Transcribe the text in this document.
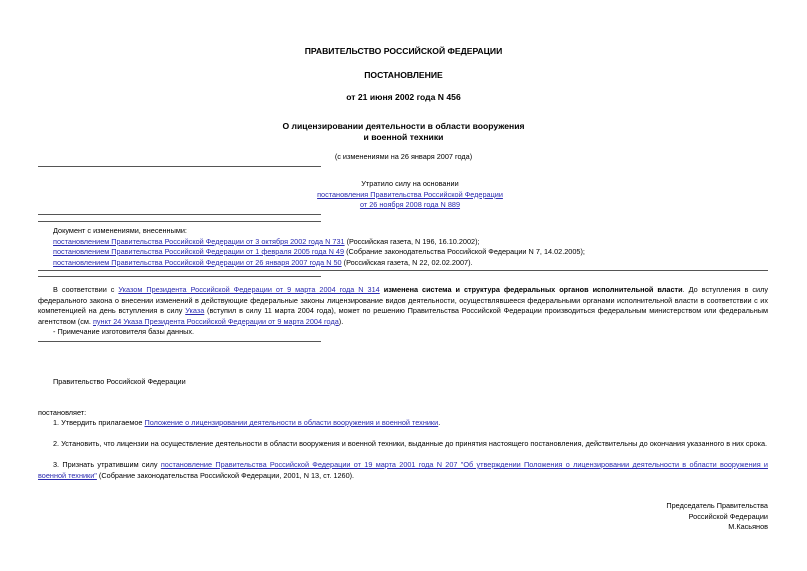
ПРАВИТЕЛЬСТВО РОССИЙСКОЙ ФЕДЕРАЦИИ
ПОСТАНОВЛЕНИЕ
от 21 июня 2002 года N 456
О лицензировании деятельности в области вооружения
и военной техники
(с изменениями на 26 января 2007 года)
Утратило силу на основании
постановления Правительства Российской Федерации
от 26 ноября 2008 года N 889
Документ с изменениями, внесенными:
постановлением Правительства Российской Федерации от 3 октября 2002 года N 731 (Российская газета, N 196, 16.10.2002);
постановлением Правительства Российской Федерации от 1 февраля 2005 года N 49 (Собрание законодательства Российской Федерации N 7, 14.02.2005);
постановлением Правительства Российской Федерации от 26 января 2007 года N 50 (Российская газета, N 22, 02.02.2007).
В соответствии с Указом Президента Российской Федерации от 9 марта 2004 года N 314 изменена система и структура федеральных органов исполнительной власти. До вступления в силу федерального закона о внесении изменений в действующие федеральные законы лицензирование видов деятельности, осуществлявшееся федеральными органами исполнительной власти в соответствии с их компетенцией на день вступления в силу Указа (вступил в силу 11 марта 2004 года), может по решению Правительства Российской Федерации производиться федеральным министерством или федеральным агентством (см. пункт 24 Указа Президента Российской Федерации от 9 марта 2004 года).
- Примечание изготовителя базы данных.
Правительство Российской Федерации
постановляет:
1. Утвердить прилагаемое Положение о лицензировании деятельности в области вооружения и военной техники.
2. Установить, что лицензии на осуществление деятельности в области вооружения и военной техники, выданные до принятия настоящего постановления, действительны до окончания указанного в них срока.
3. Признать утратившим силу постановление Правительства Российской Федерации от 19 марта 2001 года N 207 "Об утверждении Положения о лицензировании деятельности в области вооружения и военной техники" (Собрание законодательства Российской Федерации, 2001, N 13, ст. 1260).
Председатель Правительства
Российской Федерации
М.Касьянов
